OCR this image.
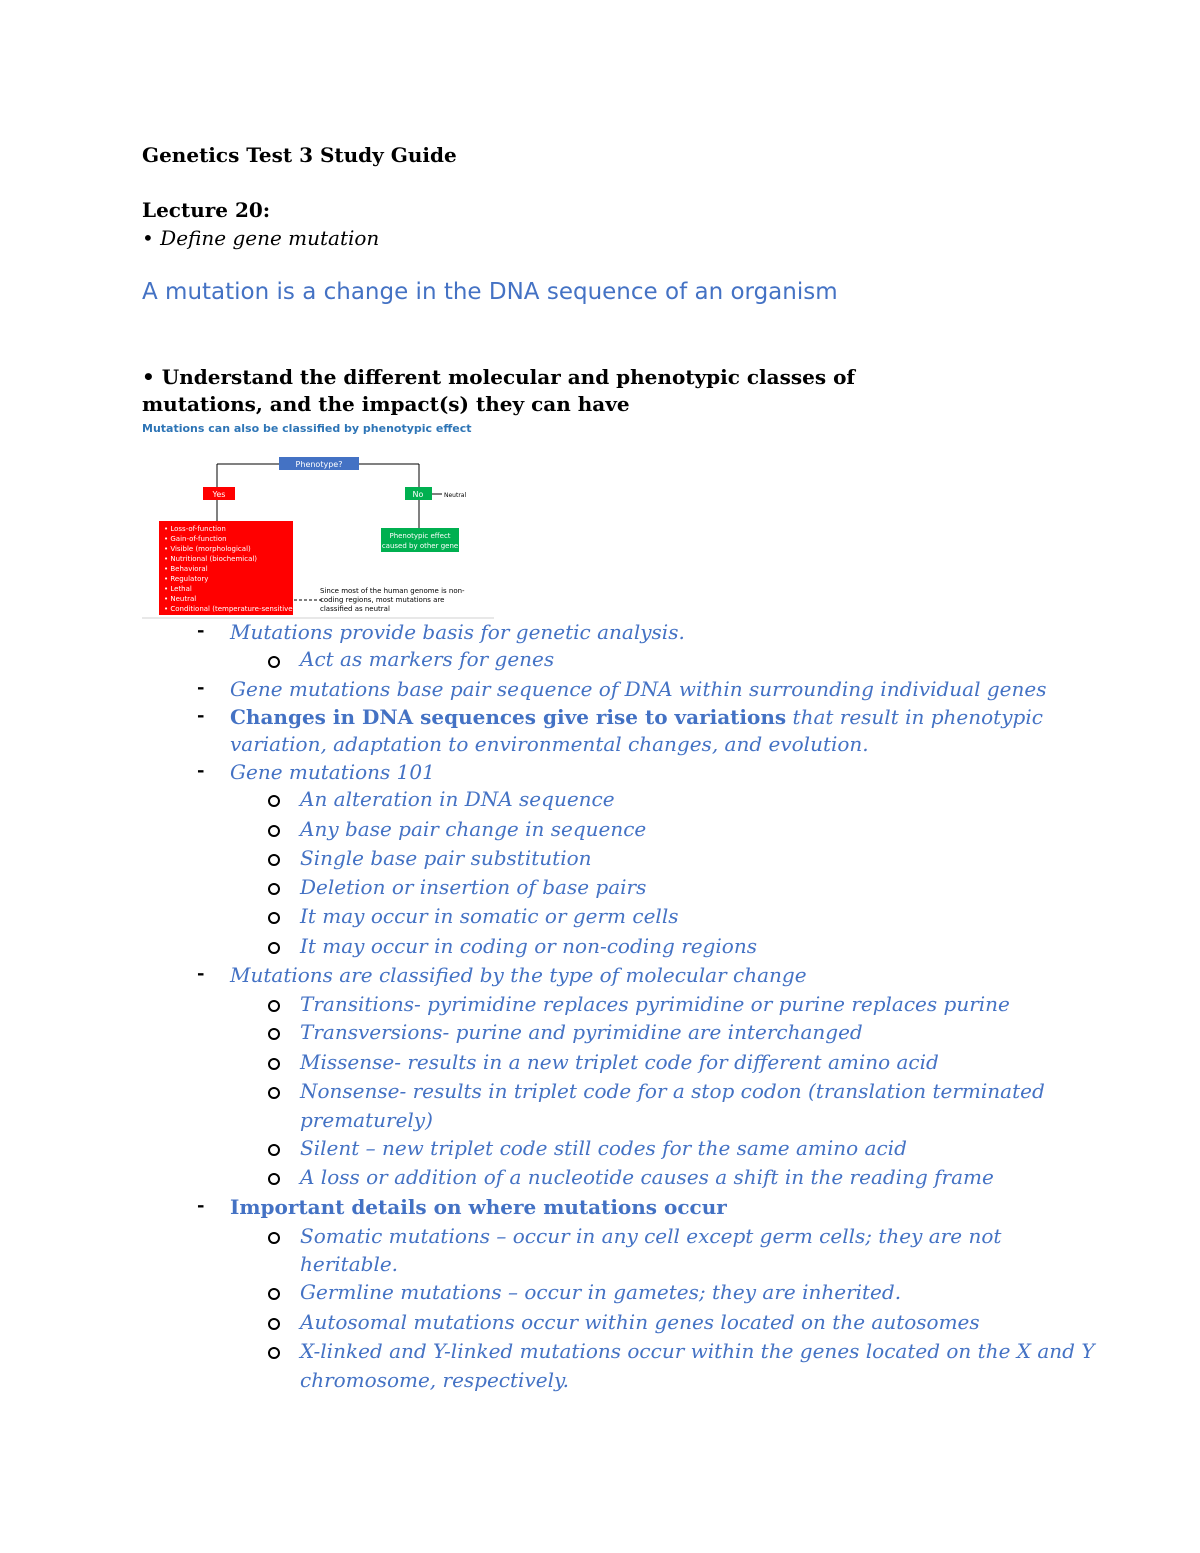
Genetics Test 3 Study Guide
Lecture 20:
• Define gene mutation
A mutation is a change in the DNA sequence of an organism
• Understand the different molecular and phenotypic classes of
mutations, and the impact(s) they can have
Mutations can also be classified by phenotypic effect
Phenotype?
Yes	No	Neutral
• Loss-of-function
• Gain-of-function
• Visible (morphological)
• Nutritional (biochemical)
• Behavioral
• Regulatory
• Lethal
• Neutral
• Conditional (temperature-sensitive)
Phenotypic effect
caused by other gene
Since most of the human genome is non-
coding regions, most mutations are
classified as neutral
- Mutations provide basis for genetic analysis.
Act as markers for genes
- Gene mutations base pair sequence of DNA within surrounding individual genes
- Changes in DNA sequences give rise to variations that result in phenotypic
variation, adaptation to environmental changes, and evolution.
- Gene mutations 101
An alteration in DNA sequence
Any base pair change in sequence
Single base pair substitution
Deletion or insertion of base pairs
It may occur in somatic or germ cells
It may occur in coding or non-coding regions
- Mutations are classified by the type of molecular change
Transitions- pyrimidine replaces pyrimidine or purine replaces purine
Transversions- purine and pyrimidine are interchanged
Missense- results in a new triplet code for different amino acid
Nonsense- results in triplet code for a stop codon (translation terminated
prematurely)
Silent – new triplet code still codes for the same amino acid
A loss or addition of a nucleotide causes a shift in the reading frame
- Important details on where mutations occur
Somatic mutations – occur in any cell except germ cells; they are not
heritable.
Germline mutations – occur in gametes; they are inherited.
Autosomal mutations occur within genes located on the autosomes
X-linked and Y-linked mutations occur within the genes located on the X and Y
chromosome, respectively.
